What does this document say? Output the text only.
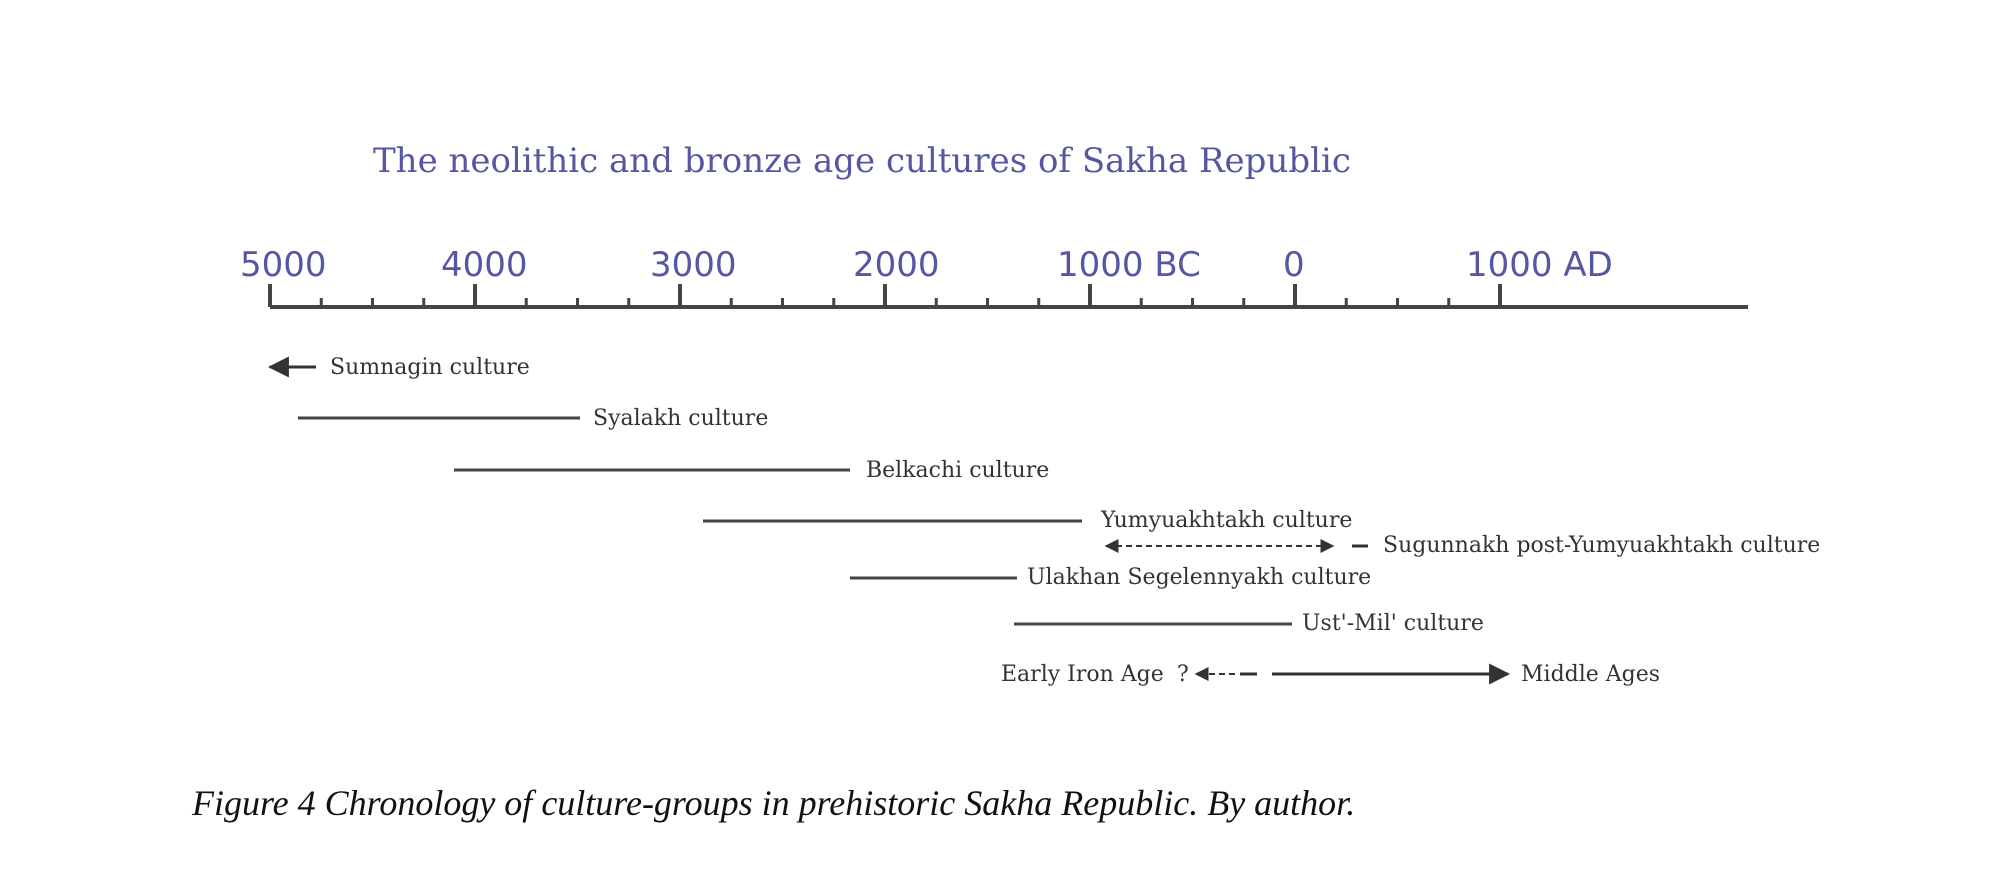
The neolithic and bronze age cultures of Sakha Republic
5000	4000	3000	2000	1000 BC 0	1000 AD
Sumnagin culture
Syalakh culture
Belkachi culture
Yumyuakhtakh culture
Sugunnakh post-Yumyuakhtakh culture
Ulakhan Segelennyakh culture
Ust'-Mil' culture
Early Iron Age ?	Middle Ages
Figure 4 Chronology of culture-groups in prehistoric Sakha Republic. By author.
